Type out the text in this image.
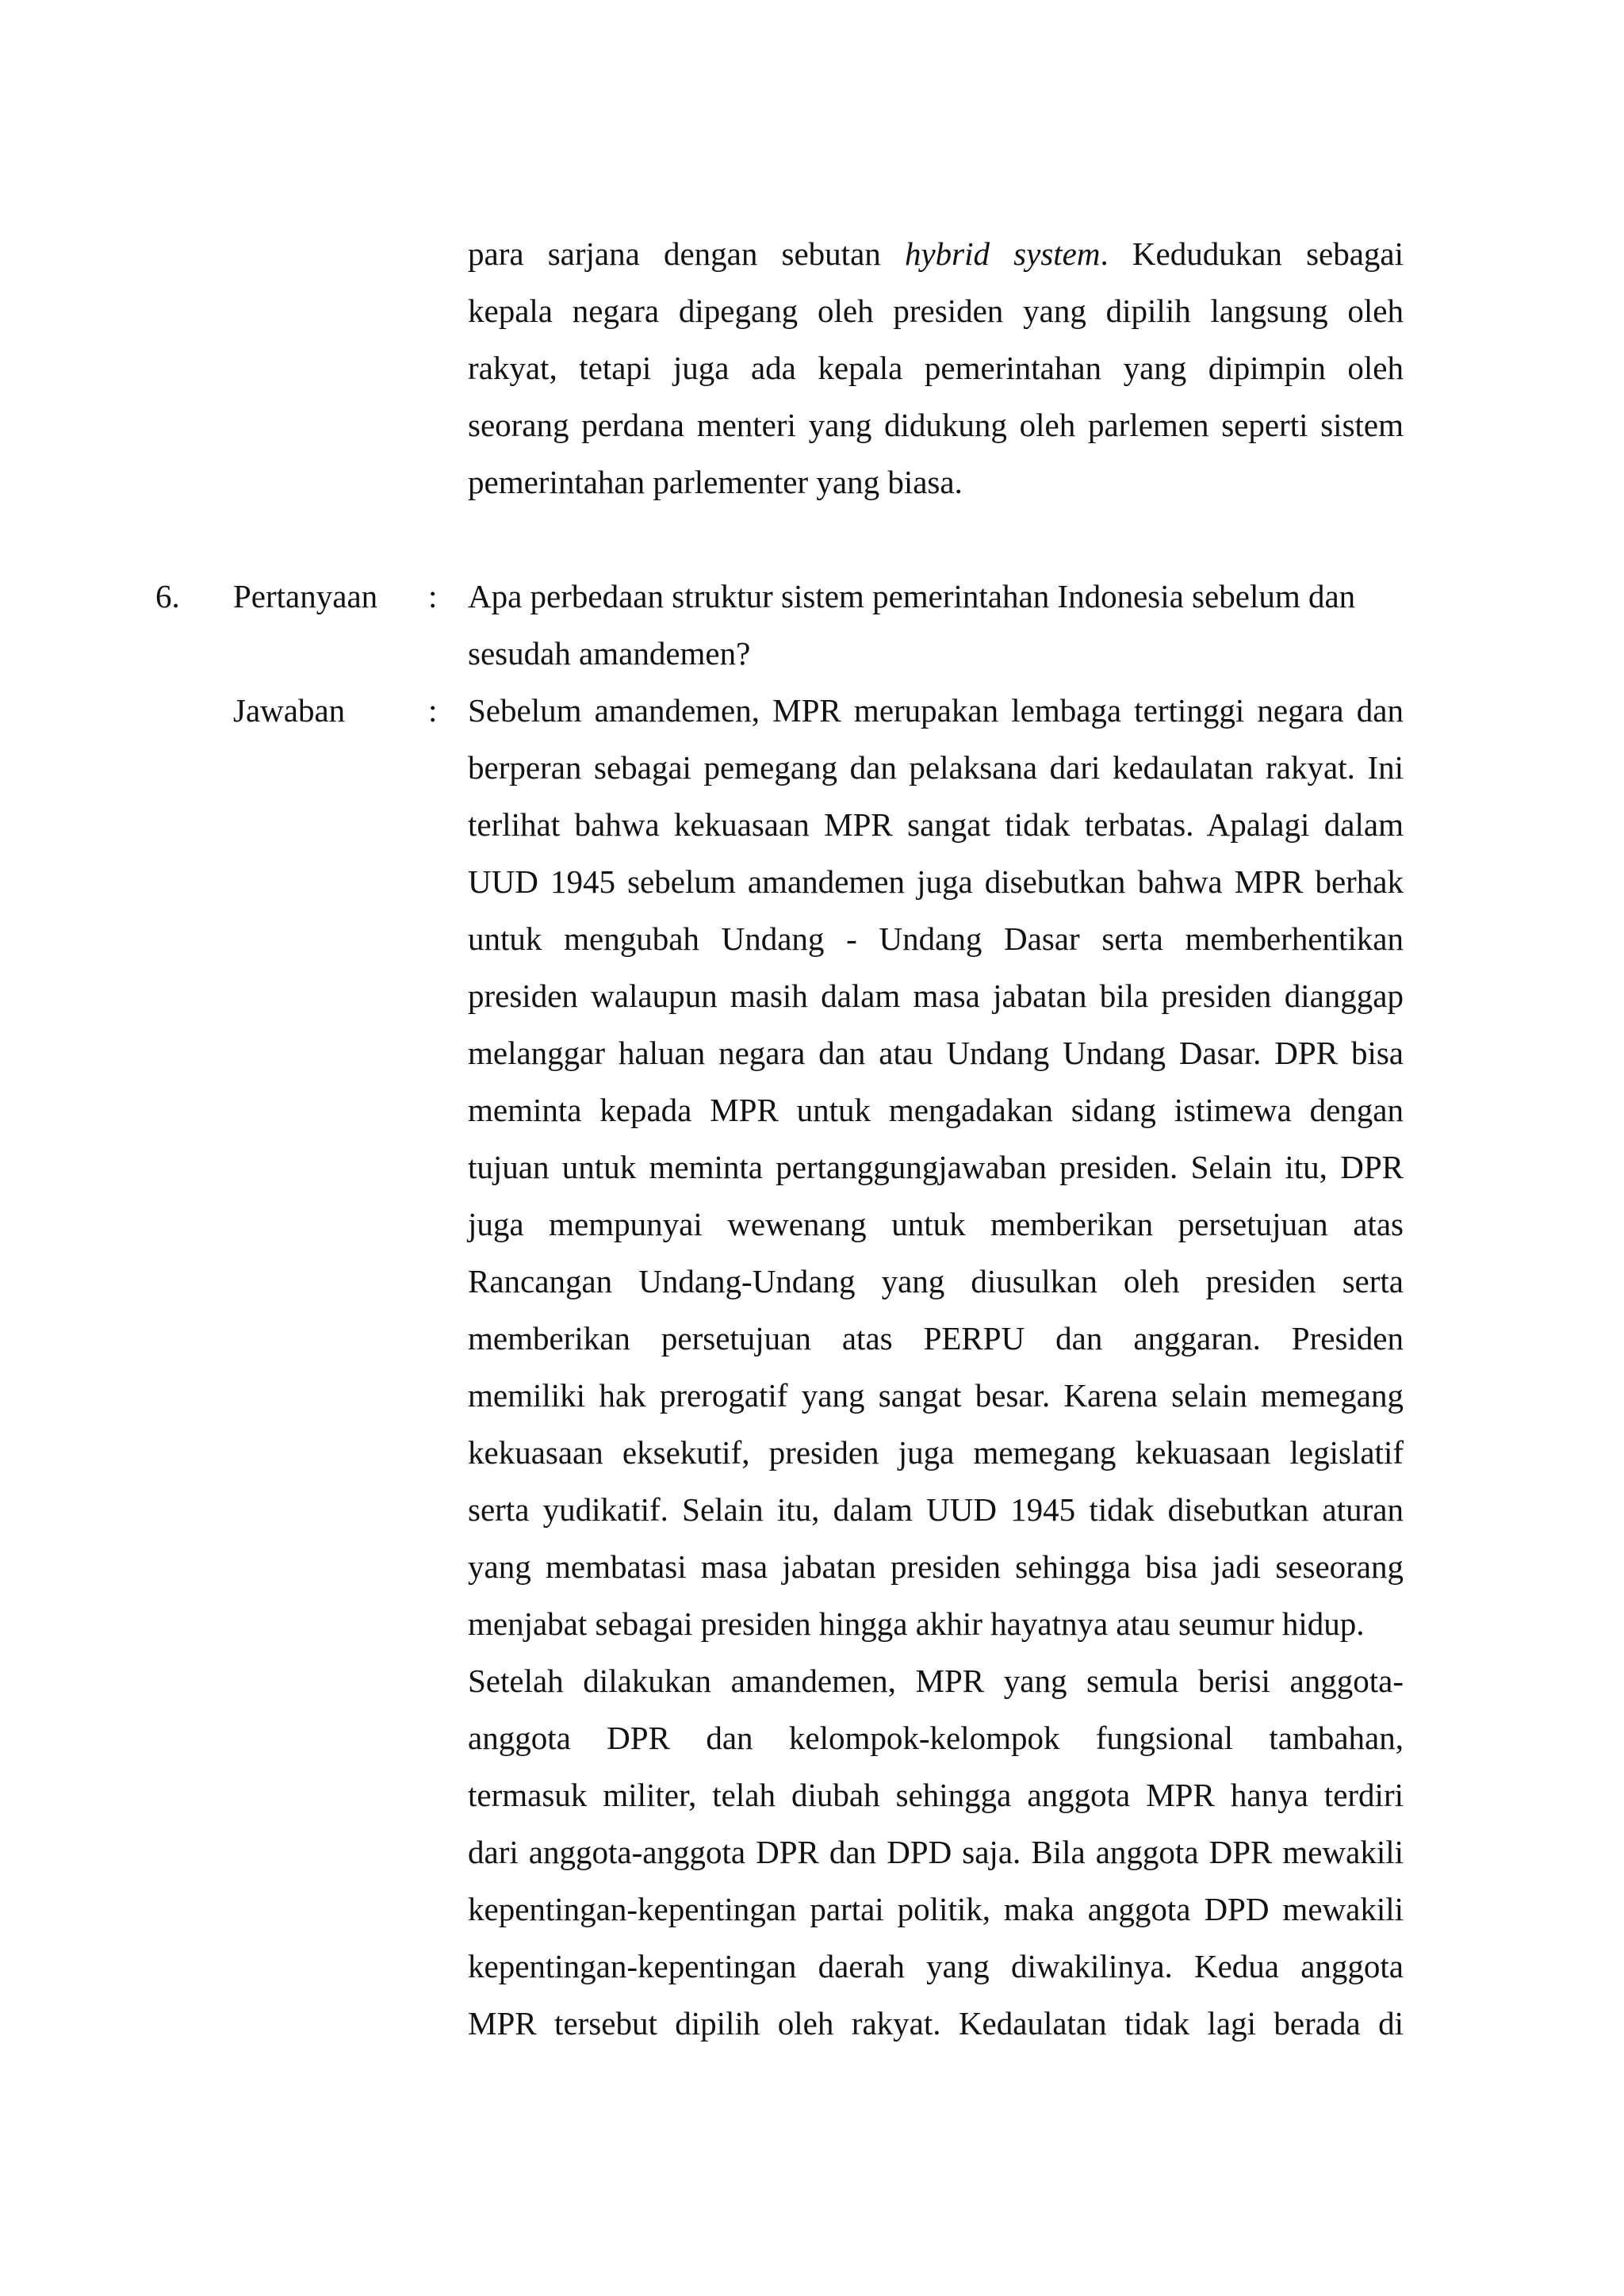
para sarjana dengan sebutan hybrid system. Kedudukan sebagai
kepala negara dipegang oleh presiden yang dipilih langsung oleh
rakyat, tetapi juga ada kepala pemerintahan yang dipimpin oleh
seorang perdana menteri yang didukung oleh parlemen seperti sistem
pemerintahan parlementer yang biasa.
6. Pertanyaan :
Jawaban	:
Apa perbedaan struktur sistem pemerintahan Indonesia sebelum dan
sesudah amandemen?
Sebelum amandemen, MPR merupakan lembaga tertinggi negara dan
berperan sebagai pemegang dan pelaksana dari kedaulatan rakyat. Ini
terlihat bahwa kekuasaan MPR sangat tidak terbatas. Apalagi dalam
UUD 1945 sebelum amandemen juga disebutkan bahwa MPR berhak
untuk mengubah Undang - Undang Dasar serta memberhentikan
presiden walaupun masih dalam masa jabatan bila presiden dianggap
melanggar haluan negara dan atau Undang Undang Dasar. DPR bisa
meminta kepada MPR untuk mengadakan sidang istimewa dengan
tujuan untuk meminta pertanggungjawaban presiden. Selain itu, DPR
juga mempunyai wewenang untuk memberikan persetujuan atas
Rancangan Undang-Undang yang diusulkan oleh presiden serta
memberikan persetujuan atas PERPU dan anggaran. Presiden
memiliki hak prerogatif yang sangat besar. Karena selain memegang
kekuasaan eksekutif, presiden juga memegang kekuasaan legislatif
serta yudikatif. Selain itu, dalam UUD 1945 tidak disebutkan aturan
yang membatasi masa jabatan presiden sehingga bisa jadi seseorang
menjabat sebagai presiden hingga akhir hayatnya atau seumur hidup.
Setelah dilakukan amandemen, MPR yang semula berisi anggota-
anggota DPR dan kelompok-kelompok fungsional tambahan,
termasuk militer, telah diubah sehingga anggota MPR hanya terdiri
dari anggota-anggota DPR dan DPD saja. Bila anggota DPR mewakili
kepentingan-kepentingan partai politik, maka anggota DPD mewakili
kepentingan-kepentingan daerah yang diwakilinya. Kedua anggota
MPR tersebut dipilih oleh rakyat. Kedaulatan tidak lagi berada di
